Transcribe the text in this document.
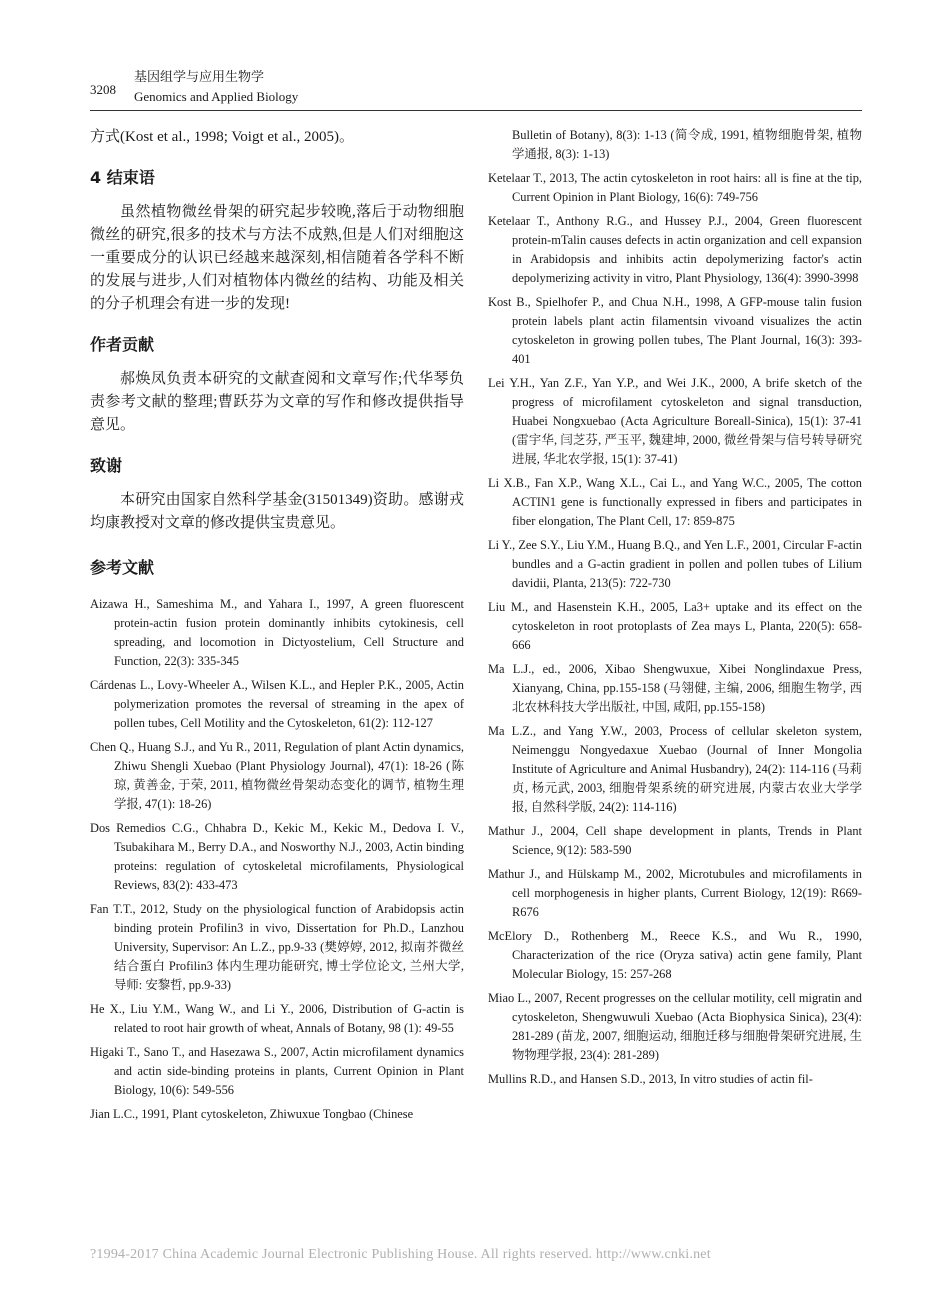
3208
基因组学与应用生物学
Genomics and Applied Biology

方式(Kost et al., 1998; Voigt et al., 2005)。

4 结束语

虽然植物微丝骨架的研究起步较晚,落后于动物细胞微丝的研究,很多的技术与方法不成熟,但是人们对细胞这一重要成分的认识已经越来越深刻,相信随着各学科不断的发展与进步,人们对植物体内微丝的结构、功能及相关的分子机理会有进一步的发现!

作者贡献

郝焕凤负责本研究的文献查阅和文章写作;代华琴负责参考文献的整理;曹跃芬为文章的写作和修改提供指导意见。

致谢

本研究由国家自然科学基金(31501349)资助。感谢戎均康教授对文章的修改提供宝贵意见。

参考文献
Aizawa H., Sameshima M., and Yahara I., 1997, A green fluorescent protein-actin fusion protein dominantly inhibits cytokinesis, cell spreading, and locomotion in Dictyostelium, Cell Structure and Function, 22(3): 335-345
Cárdenas L., Lovy-Wheeler A., Wilsen K.L., and Hepler P.K., 2005, Actin polymerization promotes the reversal of streaming in the apex of pollen tubes, Cell Motility and the Cytoskeleton, 61(2): 112-127
Chen Q., Huang S.J., and Yu R., 2011, Regulation of plant Actin dynamics, Zhiwu Shengli Xuebao (Plant Physiology Journal), 47(1): 18-26 (陈琼, 黄善金, 于荣, 2011, 植物微丝骨架动态变化的调节, 植物生理学报, 47(1): 18-26)
Dos Remedios C.G., Chhabra D., Kekic M., Kekic M., Dedova I. V., Tsubakihara M., Berry D.A., and Nosworthy N.J., 2003, Actin binding proteins: regulation of cytoskeletal microfilaments, Physiological Reviews, 83(2): 433-473
Fan T.T., 2012, Study on the physiological function of Arabidopsis actin binding protein Profilin3 in vivo, Dissertation for Ph.D., Lanzhou University, Supervisor: An L.Z., pp.9-33 (樊婷婷, 2012, 拟南芥微丝结合蛋白 Profilin3 体内生理功能研究, 博士学位论文, 兰州大学, 导师: 安黎哲, pp.9-33)
He X., Liu Y.M., Wang W., and Li Y., 2006, Distribution of G-actin is related to root hair growth of wheat, Annals of Botany, 98 (1): 49-55
Higaki T., Sano T., and Hasezawa S., 2007, Actin microfilament dynamics and actin side-binding proteins in plants, Current Opinion in Plant Biology, 10(6): 549-556
Jian L.C., 1991, Plant cytoskeleton, Zhiwuxue Tongbao (Chinese
Bulletin of Botany), 8(3): 1-13 (简令成, 1991, 植物细胞骨架, 植物学通报, 8(3): 1-13)
Ketelaar T., 2013, The actin cytoskeleton in root hairs: all is fine at the tip, Current Opinion in Plant Biology, 16(6): 749-756
Ketelaar T., Anthony R.G., and Hussey P.J., 2004, Green fluorescent protein-mTalin causes defects in actin organization and cell expansion in Arabidopsis and inhibits actin depolymerizing factor's actin depolymerizing activity in vitro, Plant Physiology, 136(4): 3990-3998
Kost B., Spielhofer P., and Chua N.H., 1998, A GFP-mouse talin fusion protein labels plant actin filamentsin vivoand visualizes the actin cytoskeleton in growing pollen tubes, The Plant Journal, 16(3): 393-401
Lei Y.H., Yan Z.F., Yan Y.P., and Wei J.K., 2000, A brife sketch of the progress of microfilament cytoskeleton and signal transduction, Huabei Nongxuebao (Acta Agriculture Boreall-Sinica), 15(1): 37-41 (雷宇华, 闫芝芬, 严玉平, 魏建坤, 2000, 微丝骨架与信号转导研究进展, 华北农学报, 15(1): 37-41)
Li X.B., Fan X.P., Wang X.L., Cai L., and Yang W.C., 2005, The cotton ACTIN1 gene is functionally expressed in fibers and participates in fiber elongation, The Plant Cell, 17: 859-875
Li Y., Zee S.Y., Liu Y.M., Huang B.Q., and Yen L.F., 2001, Circular F-actin bundles and a G-actin gradient in pollen and pollen tubes of Lilium davidii, Planta, 213(5): 722-730
Liu M., and Hasenstein K.H., 2005, La3+ uptake and its effect on the cytoskeleton in root protoplasts of Zea mays L, Planta, 220(5): 658-666
Ma L.J., ed., 2006, Xibao Shengwuxue, Xibei Nonglindaxue Press, Xianyang, China, pp.155-158 (马翎健, 主编, 2006, 细胞生物学, 西北农林科技大学出版社, 中国, 咸阳, pp.155-158)
Ma L.Z., and Yang Y.W., 2003, Process of cellular skeleton system, Neimenggu Nongyedaxue Xuebao (Journal of Inner Mongolia Institute of Agriculture and Animal Husbandry), 24(2): 114-116 (马莉贞, 杨元武, 2003, 细胞骨架系统的研究进展, 内蒙古农业大学学报, 自然科学版, 24(2): 114-116)
Mathur J., 2004, Cell shape development in plants, Trends in Plant Science, 9(12): 583-590
Mathur J., and Hülskamp M., 2002, Microtubules and microfilaments in cell morphogenesis in higher plants, Current Biology, 12(19): R669-R676
McElory D., Rothenberg M., Reece K.S., and Wu R., 1990, Characterization of the rice (Oryza sativa) actin gene family, Plant Molecular Biology, 15: 257-268
Miao L., 2007, Recent progresses on the cellular motility, cell migratin and cytoskeleton, Shengwuwuli Xuebao (Acta Biophysica Sinica), 23(4): 281-289 (苗龙, 2007, 细胞运动, 细胞迁移与细胞骨架研究进展, 生物物理学报, 23(4): 281-289)
Mullins R.D., and Hansen S.D., 2013, In vitro studies of actin fil-
?1994-2017 China Academic Journal Electronic Publishing House. All rights reserved. http://www.cnki.net
